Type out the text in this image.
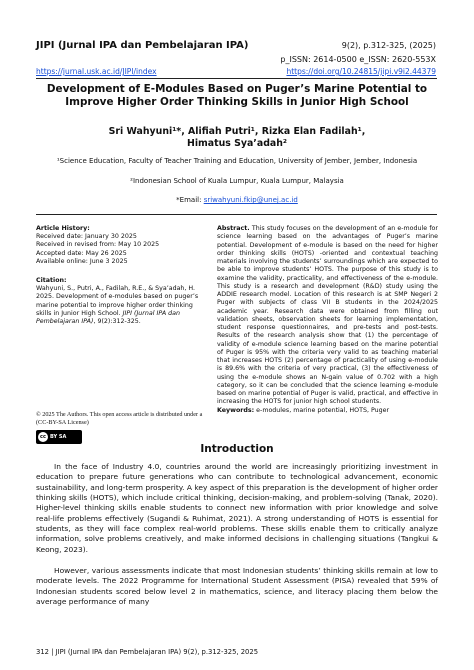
JIPI (Jurnal IPA dan Pembelajaran IPA)	9(2), p.312-325, (2025)
p_ISSN: 2614-0500 e_ISSN: 2620-553X
https://jurnal.usk.ac.id/JIPI/index	https://doi.org/10.24815/jipi.v9i2.44379
Development of E-Modules Based on Puger’s Marine Potential to Improve Higher Order Thinking Skills in Junior High School
Sri Wahyuni¹*, Alifiah Putri¹, Rizka Elan Fadilah¹,
Himatus Sya’adah²
¹Science Education, Faculty of Teacher Training and Education, University of Jember, Jember, Indonesia
²Indonesian School of Kuala Lumpur, Kuala Lumpur, Malaysia
*Email: sriwahyuni.fkip@unej.ac.id
Article History:
Received date: January 30 2025
Received in revised from: May 10 2025
Accepted date: May 26 2025
Available online: June 3 2025
Citation:
Wahyuni, S., Putri, A., Fadilah, R.E., & Sya’adah, H. 2025. Development of e-modules based on puger’s marine potential to improve higher order thinking skills in Junior High School. JIPI (Jurnal IPA dan Pembelajaran IPA), 9(2):312-325.
© 2025 The Authors. This open access article is distributed under a (CC-BY-SA License)
cc BY SA
Abstract. This study focuses on the development of an e-module for science learning based on the advantages of Puger’s marine potential. Development of e-module is based on the need for higher order thinking skills (HOTS) -oriented and contextual teaching materials involving the students’ surroundings which are expected to be able to improve students’ HOTS. The purpose of this study is to examine the validity, practicality, and effectiveness of the e-module. This study is a research and development (R&D) study using the ADDIE research model. Location of this research is at SMP Negeri 2 Puger with subjects of class VII B students in the 2024/2025 academic year. Research data were obtained from filling out validation sheets, observation sheets for learning implementation, student response questionnaires, and pre-tests and post-tests. Results of the research analysis show that (1) the percentage of validity of e-module science learning based on the marine potential of Puger is 95% with the criteria very valid to as teaching material that increases HOTS (2) percentage of practicality of using e-module is 89.6% with the criteria of very practical, (3) the effectiveness of using the e-module shows an N-gain value of 0.702 with a high category, so it can be concluded that the science learning e-module based on marine potential of Puger is valid, practical, and effective in increasing the HOTS for junior high school students.
Keywords: e-modules, marine potential, HOTS, Puger
Introduction
In the face of Industry 4.0, countries around the world are increasingly prioritizing investment in education to prepare future generations who can contribute to technological advancement, economic sustainability, and long-term prosperity. A key aspect of this preparation is the development of higher order thinking skills (HOTS), which include critical thinking, decision-making, and problem-solving (Tanak, 2020). Higher-level thinking skills enable students to connect new information with prior knowledge and solve real-life problems effectively (Sugandi & Ruhimat, 2021). A strong understanding of HOTS is essential for students, as they will face complex real-world problems. These skills enable them to critically analyze information, solve problems creatively, and make informed decisions in challenging situations (Tangkui & Keong, 2023).
However, various assessments indicate that most Indonesian students’ thinking skills remain at low to moderate levels. The 2022 Programme for International Student Assessment (PISA) revealed that 59% of Indonesian students scored below level 2 in mathematics, science, and literacy placing them below the average performance of many
312 | JIPI (Jurnal IPA dan Pembelajaran IPA) 9(2), p.312-325, 2025
